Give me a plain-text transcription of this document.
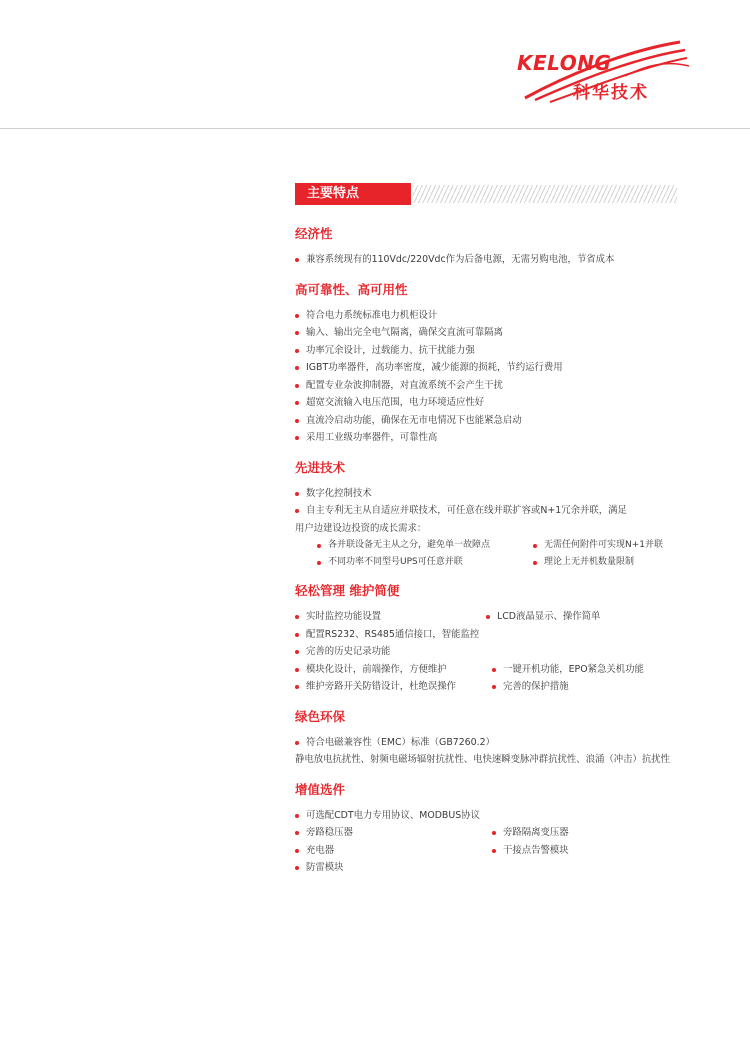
KELONG
科华技术
主要特点
经济性
兼容系统现有的110Vdc/220Vdc作为后备电源，无需另购电池，节省成本
高可靠性、高可用性
符合电力系统标准电力机柜设计
输入、输出完全电气隔离，确保交直流可靠隔离
功率冗余设计，过载能力、抗干扰能力强
IGBT功率器件，高功率密度，减少能源的损耗，节约运行费用
配置专业杂波抑制器，对直流系统不会产生干扰
超宽交流输入电压范围，电力环境适应性好
直流冷启动功能，确保在无市电情况下也能紧急启动
采用工业级功率器件，可靠性高
先进技术
数字化控制技术
自主专利无主从自适应并联技术，可任意在线并联扩容或N+1冗余并联，满足
用户边建设边投资的成长需求：
各并联设备无主从之分，避免单一故障点	无需任何附件可实现N+1并联
不同功率不同型号UPS可任意并联	理论上无并机数量限制
轻松管理 维护简便
实时监控功能设置	LCD液晶显示、操作简单
配置RS232、RS485通信接口，智能监控
完善的历史记录功能
模块化设计，前端操作，方便维护	一键开机功能，EPO紧急关机功能
维护旁路开关防错设计，杜绝误操作	完善的保护措施
绿色环保
符合电磁兼容性（EMC）标准（GB7260.2）
静电放电抗扰性、射频电磁场辐射抗扰性、电快速瞬变脉冲群抗扰性、浪涌（冲击）抗扰性
增值选件
可选配CDT电力专用协议、MODBUS协议
旁路稳压器	旁路隔离变压器
充电器	干接点告警模块
防雷模块
